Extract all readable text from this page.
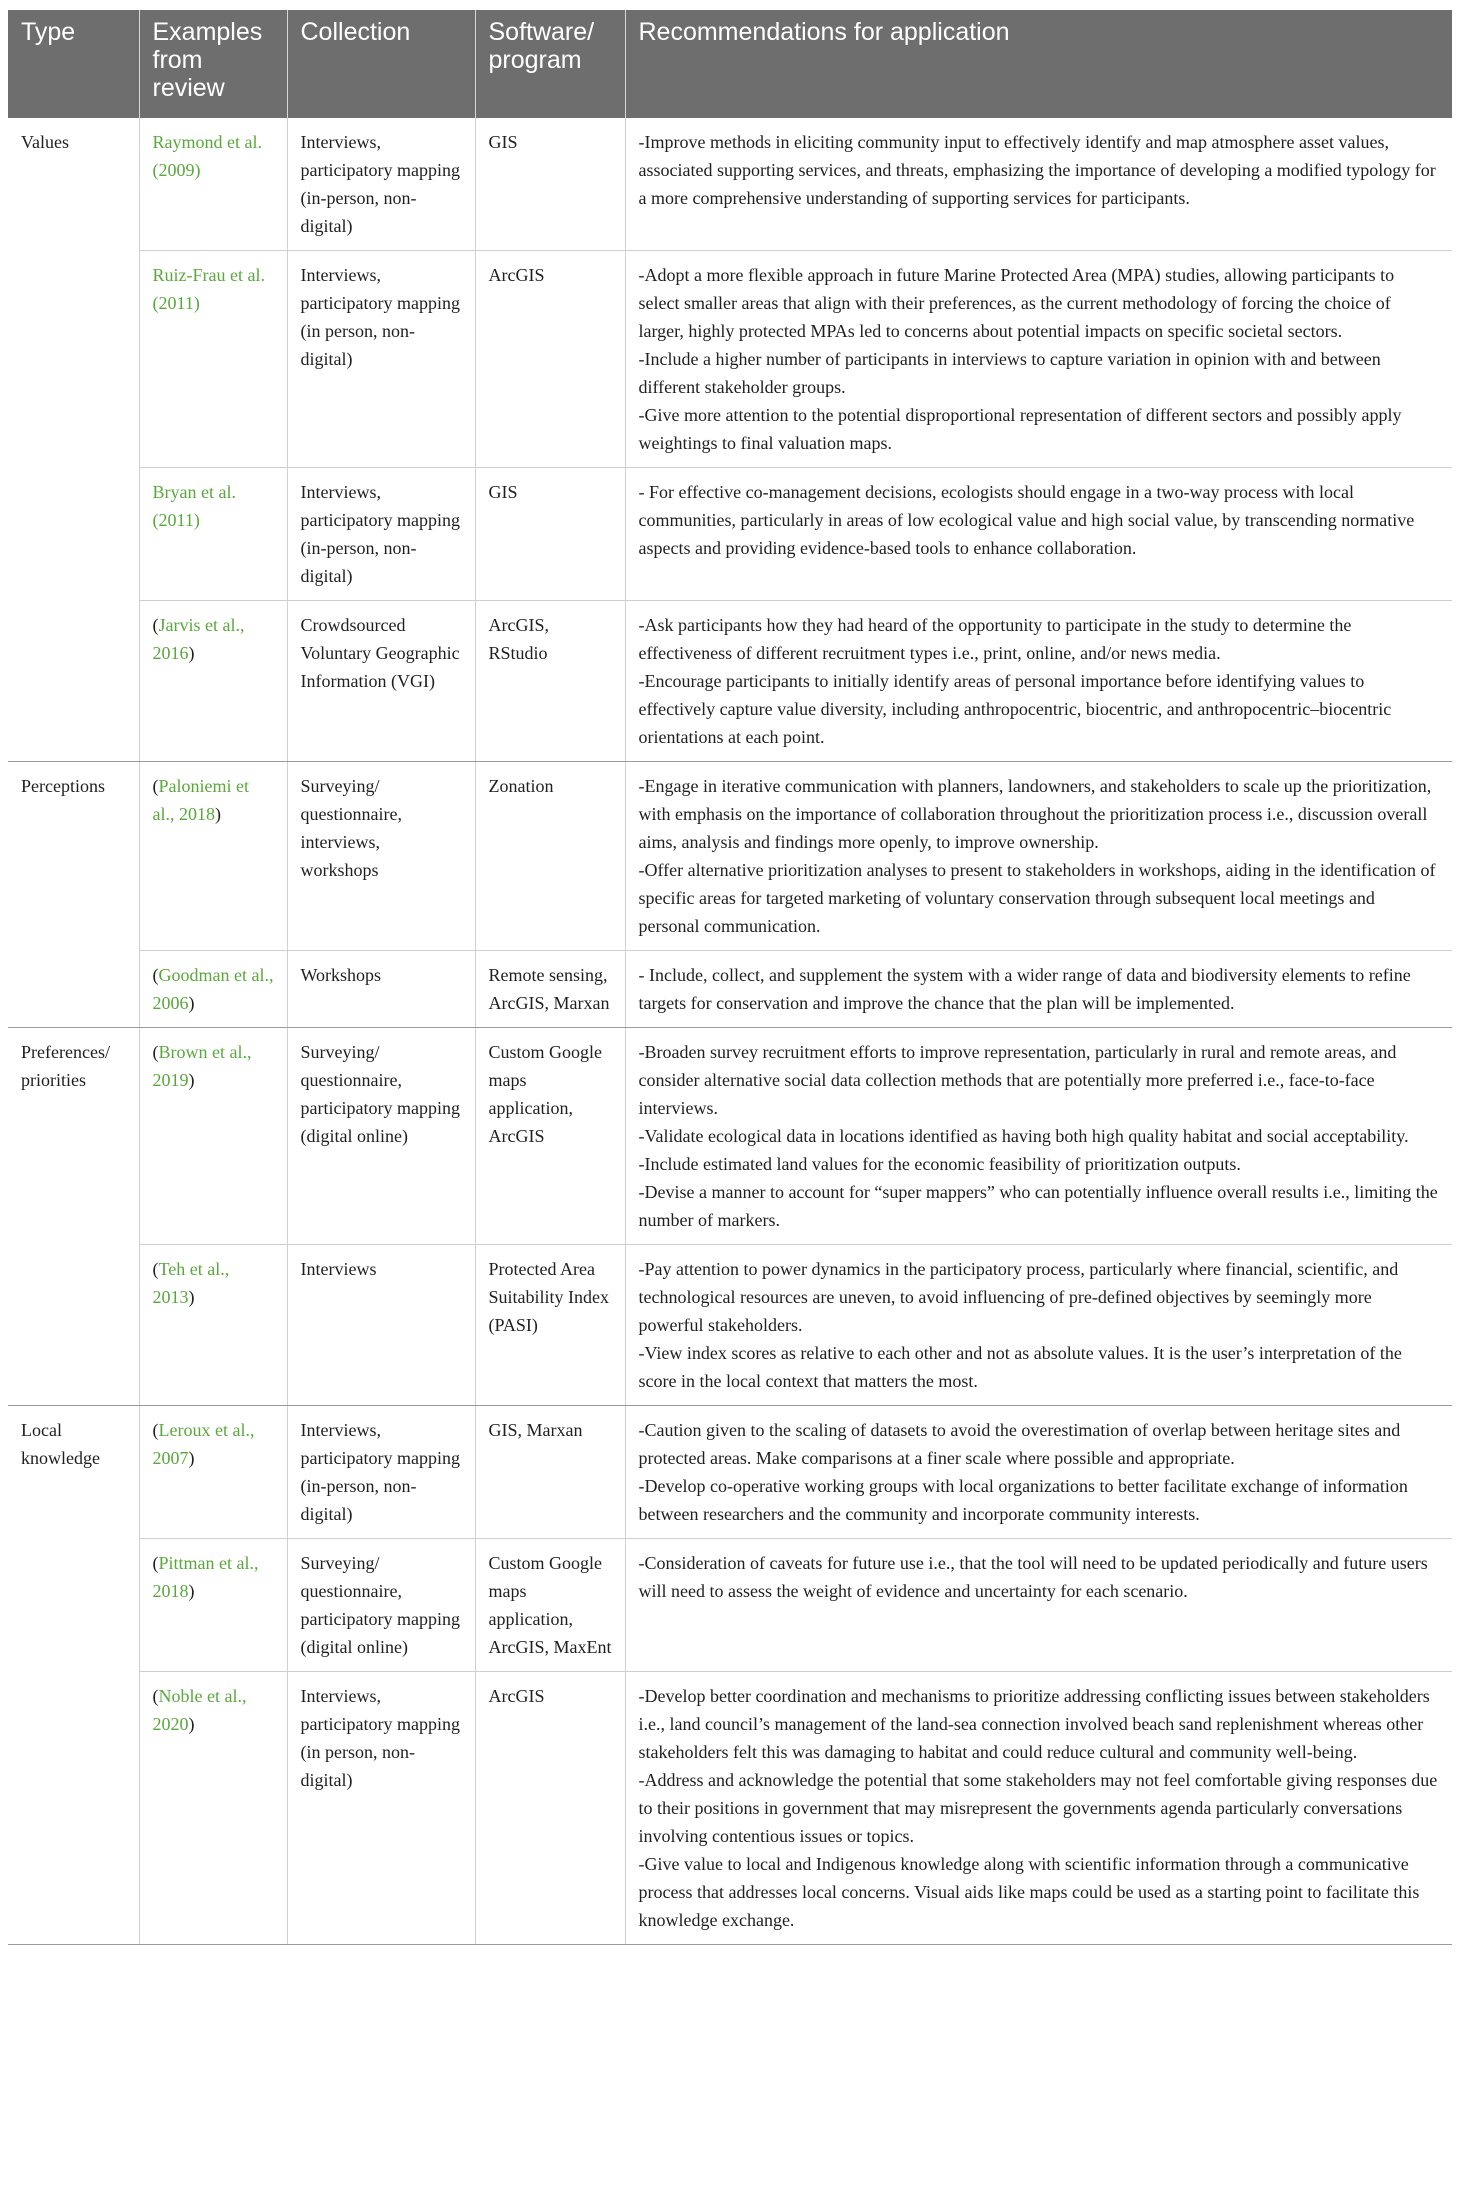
Type	Examples from review	Collection	Software/ program	Recommendations for application
Values	Raymond et al. (2009)	Interviews, participatory mapping (in-person, non-digital)	GIS	-Improve methods in eliciting community input to effectively identify and map atmosphere asset values, associated supporting services, and threats, emphasizing the importance of developing a modified typology for a more comprehensive understanding of supporting services for participants.

	Ruiz-Frau et al. (2011)	Interviews, participatory mapping (in person, non-digital)	ArcGIS	-Adopt a more flexible approach in future Marine Protected Area (MPA) studies, allowing participants to select smaller areas that align with their preferences, as the current methodology of forcing the choice of larger, highly protected MPAs led to concerns about potential impacts on specific societal sectors.
-Include a higher number of participants in interviews to capture variation in opinion with and between different stakeholder groups.
-Give more attention to the potential disproportional representation of different sectors and possibly apply weightings to final valuation maps.

	Bryan et al. (2011)	Interviews, participatory mapping (in-person, non-digital)	GIS	- For effective co-management decisions, ecologists should engage in a two-way process with local communities, particularly in areas of low ecological value and high social value, by transcending normative aspects and providing evidence-based tools to enhance collaboration.

	(Jarvis et al., 2016)	Crowdsourced Voluntary Geographic Information (VGI)	ArcGIS, RStudio	-Ask participants how they had heard of the opportunity to participate in the study to determine the effectiveness of different recruitment types i.e., print, online, and/or news media.
-Encourage participants to initially identify areas of personal importance before identifying values to effectively capture value diversity, including anthropocentric, biocentric, and anthropocentric–biocentric orientations at each point.

Perceptions	(Paloniemi et al., 2018)	Surveying/ questionnaire, interviews, workshops	Zonation	-Engage in iterative communication with planners, landowners, and stakeholders to scale up the prioritization, with emphasis on the importance of collaboration throughout the prioritization process i.e., discussion overall aims, analysis and findings more openly, to improve ownership.
-Offer alternative prioritization analyses to present to stakeholders in workshops, aiding in the identification of specific areas for targeted marketing of voluntary conservation through subsequent local meetings and personal communication.

	(Goodman et al., 2006)	Workshops	Remote sensing, ArcGIS, Marxan	- Include, collect, and supplement the system with a wider range of data and biodiversity elements to refine targets for conservation and improve the chance that the plan will be implemented.

Preferences/ priorities	(Brown et al., 2019)	Surveying/ questionnaire, participatory mapping (digital online)	Custom Google maps application, ArcGIS	-Broaden survey recruitment efforts to improve representation, particularly in rural and remote areas, and consider alternative social data collection methods that are potentially more preferred i.e., face-to-face interviews.
-Validate ecological data in locations identified as having both high quality habitat and social acceptability.
-Include estimated land values for the economic feasibility of prioritization outputs.
-Devise a manner to account for “super mappers” who can potentially influence overall results i.e., limiting the number of markers.

	(Teh et al., 2013)	Interviews	Protected Area Suitability Index (PASI)	-Pay attention to power dynamics in the participatory process, particularly where financial, scientific, and technological resources are uneven, to avoid influencing of pre-defined objectives by seemingly more powerful stakeholders.
-View index scores as relative to each other and not as absolute values. It is the user’s interpretation of the score in the local context that matters the most.

Local knowledge	(Leroux et al., 2007)	Interviews, participatory mapping (in-person, non-digital)	GIS, Marxan	-Caution given to the scaling of datasets to avoid the overestimation of overlap between heritage sites and protected areas. Make comparisons at a finer scale where possible and appropriate.
-Develop co-operative working groups with local organizations to better facilitate exchange of information between researchers and the community and incorporate community interests.

	(Pittman et al., 2018)	Surveying/ questionnaire, participatory mapping (digital online)	Custom Google maps application, ArcGIS, MaxEnt	-Consideration of caveats for future use i.e., that the tool will need to be updated periodically and future users will need to assess the weight of evidence and uncertainty for each scenario.

	(Noble et al., 2020)	Interviews, participatory mapping (in person, non-digital)	ArcGIS	-Develop better coordination and mechanisms to prioritize addressing conflicting issues between stakeholders i.e., land council’s management of the land-sea connection involved beach sand replenishment whereas other stakeholders felt this was damaging to habitat and could reduce cultural and community well-being.
-Address and acknowledge the potential that some stakeholders may not feel comfortable giving responses due to their positions in government that may misrepresent the governments agenda particularly conversations involving contentious issues or topics.
-Give value to local and Indigenous knowledge along with scientific information through a communicative process that addresses local concerns. Visual aids like maps could be used as a starting point to facilitate this knowledge exchange.
